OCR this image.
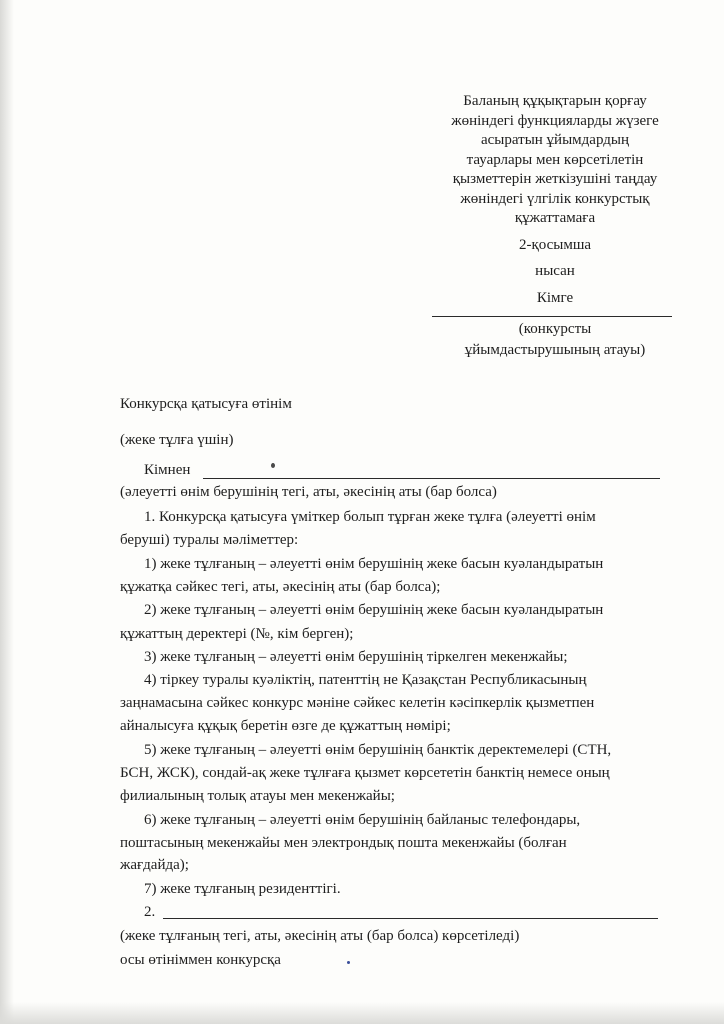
Баланың құқықтарын қорғау
жөніндегі функцияларды жүзеге
асыратын ұйымдардың
тауарлары мен көрсетілетін
қызметтерін жеткізушіні таңдау
жөніндегі үлгілік конкурстық
құжаттамаға
2-қосымша
нысан
Кімге
(конкурсты
ұйымдастырушының атауы)
Конкурсқа қатысуға өтінім
(жеке тұлға үшін)
Кімнен
(әлеуетті өнім берушінің тегі, аты, әкесінің аты (бар болса)
1. Конкурсқа қатысуға үміткер болып тұрған жеке тұлға (әлеуетті өнім
беруші) туралы мәліметтер:
1) жеке тұлғаның – әлеуетті өнім берушінің жеке басын куәландыратын
құжатқа сәйкес тегі, аты, әкесінің аты (бар болса);
2) жеке тұлғаның – әлеуетті өнім берушінің жеке басын куәландыратын
құжаттың деректері (№, кім берген);
3) жеке тұлғаның – әлеуетті өнім берушінің тіркелген мекенжайы;
4) тіркеу туралы куәліктің, патенттің не Қазақстан Республикасының
заңнамасына сәйкес конкурс мәніне сәйкес келетін кәсіпкерлік қызметпен
айналысуға құқық беретін өзге де құжаттың нөмірі;
5) жеке тұлғаның – әлеуетті өнім берушінің банктік деректемелері (СТН,
БСН, ЖСК), сондай-ақ жеке тұлғаға қызмет көрсететін банктің немесе оның
филиалының толық атауы мен мекенжайы;
6) жеке тұлғаның – әлеуетті өнім берушінің байланыс телефондары,
поштасының мекенжайы мен электрондық пошта мекенжайы (болған
жағдайда);
7) жеке тұлғаның резиденттігі.
2.
(жеке тұлғаның тегі, аты, әкесінің аты (бар болса) көрсетіледі)
осы өтініммен конкурсқа
